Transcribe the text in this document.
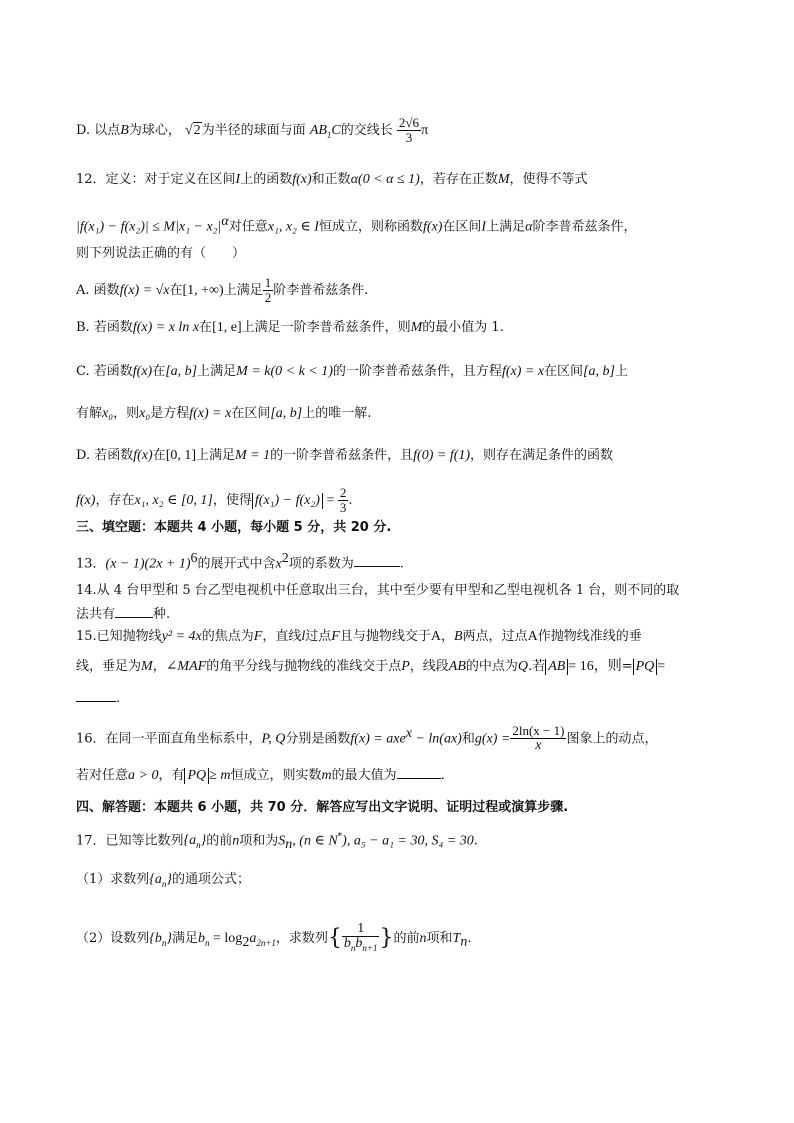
D. 以点B为球心， √2为半径的球面与面 $AB_1C$的交线长 $\frac{2√6}{3}$ π
12．定义：对于定义在区间I上的函数f(x)和正数α(0 < α ≤ 1)，若存在正数M，使得不等式
$|f(x_1) - f(x_2)| \le M|x_1 - x_2|^\alpha$对任意x₁, x₂ ∈ I恒成立，则称函数f(x)在区间I上满足α阶李普希兹条件，
则下列说法正确的有（　　）
A. 函数f(x) = √x在[1, +∞)上满足 $\frac{1}{2}$ 阶李普希兹条件.
B. 若函数f(x) = x ln x在[1, e]上满足一阶李普希兹条件，则M的最小值为 1.
C. 若函数f(x)在[a, b]上满足M = k(0 < k < 1)的一阶李普希兹条件，且方程f(x) = x在区间[a, b]上
有解x₀，则x₀是方程f(x) = x在区间[a, b]上的唯一解.
D. 若函数f(x)在[0, 1]上满足M = 1的一阶李普希兹条件，且f(0) = f(1)，则存在满足条件的函数
f(x)，存在x₁, x₂ ∈ [0, 1]，使得 $f(x_1) - f(x_2) = \frac{2}{3}$ .
三、填空题：本题共 4 小题，每小题 5 分，共 20 分.
13．$(x - 1)(2x + 1)^6$的展开式中含$x^2$项的系数为	.
14.从 4 台甲型和 5 台乙型电视机中任意取出三台，其中至少要有甲型和乙型电视机各 1 台，则不同的取
法共有	种.
15.已知抛物线y² = 4x的焦点为F，直线l过点F且与抛物线交于A，B两点，过点A作抛物线准线的垂
线，垂足为M，∠MAF的角平分线与抛物线的准线交于点P，线段AB的中点为Q.若 AB = 16，则= PQ =
.
16．在同一平面直角坐标系中，P, Q分别是函数f(x) = axe$^x$ − ln(ax)和$g(x) = \frac{2\ln(x - 1)}{x}$ 图象上的动点，
若对任意a > 0，有 PQ ≥ m恒成立，则实数m的最大值为	.
四、解答题：本题共 6 小题，共 70 分．解答应写出文字说明、证明过程或演算步骤.
17．已知等比数列$\{a_n\}$的前n项和为$S_n$, (n ∈ N*), a₅ − a₁ = 30, S₄ = 30.
（1）求数列$\{a_n\}$的通项公式；
（2）设数列$\{b_n\}$满足$b_n = \log_2a_{2n+1}$，求数列{ $\frac{1}{b_nb_{n+1}}$ }的前n项和$T_n$.
